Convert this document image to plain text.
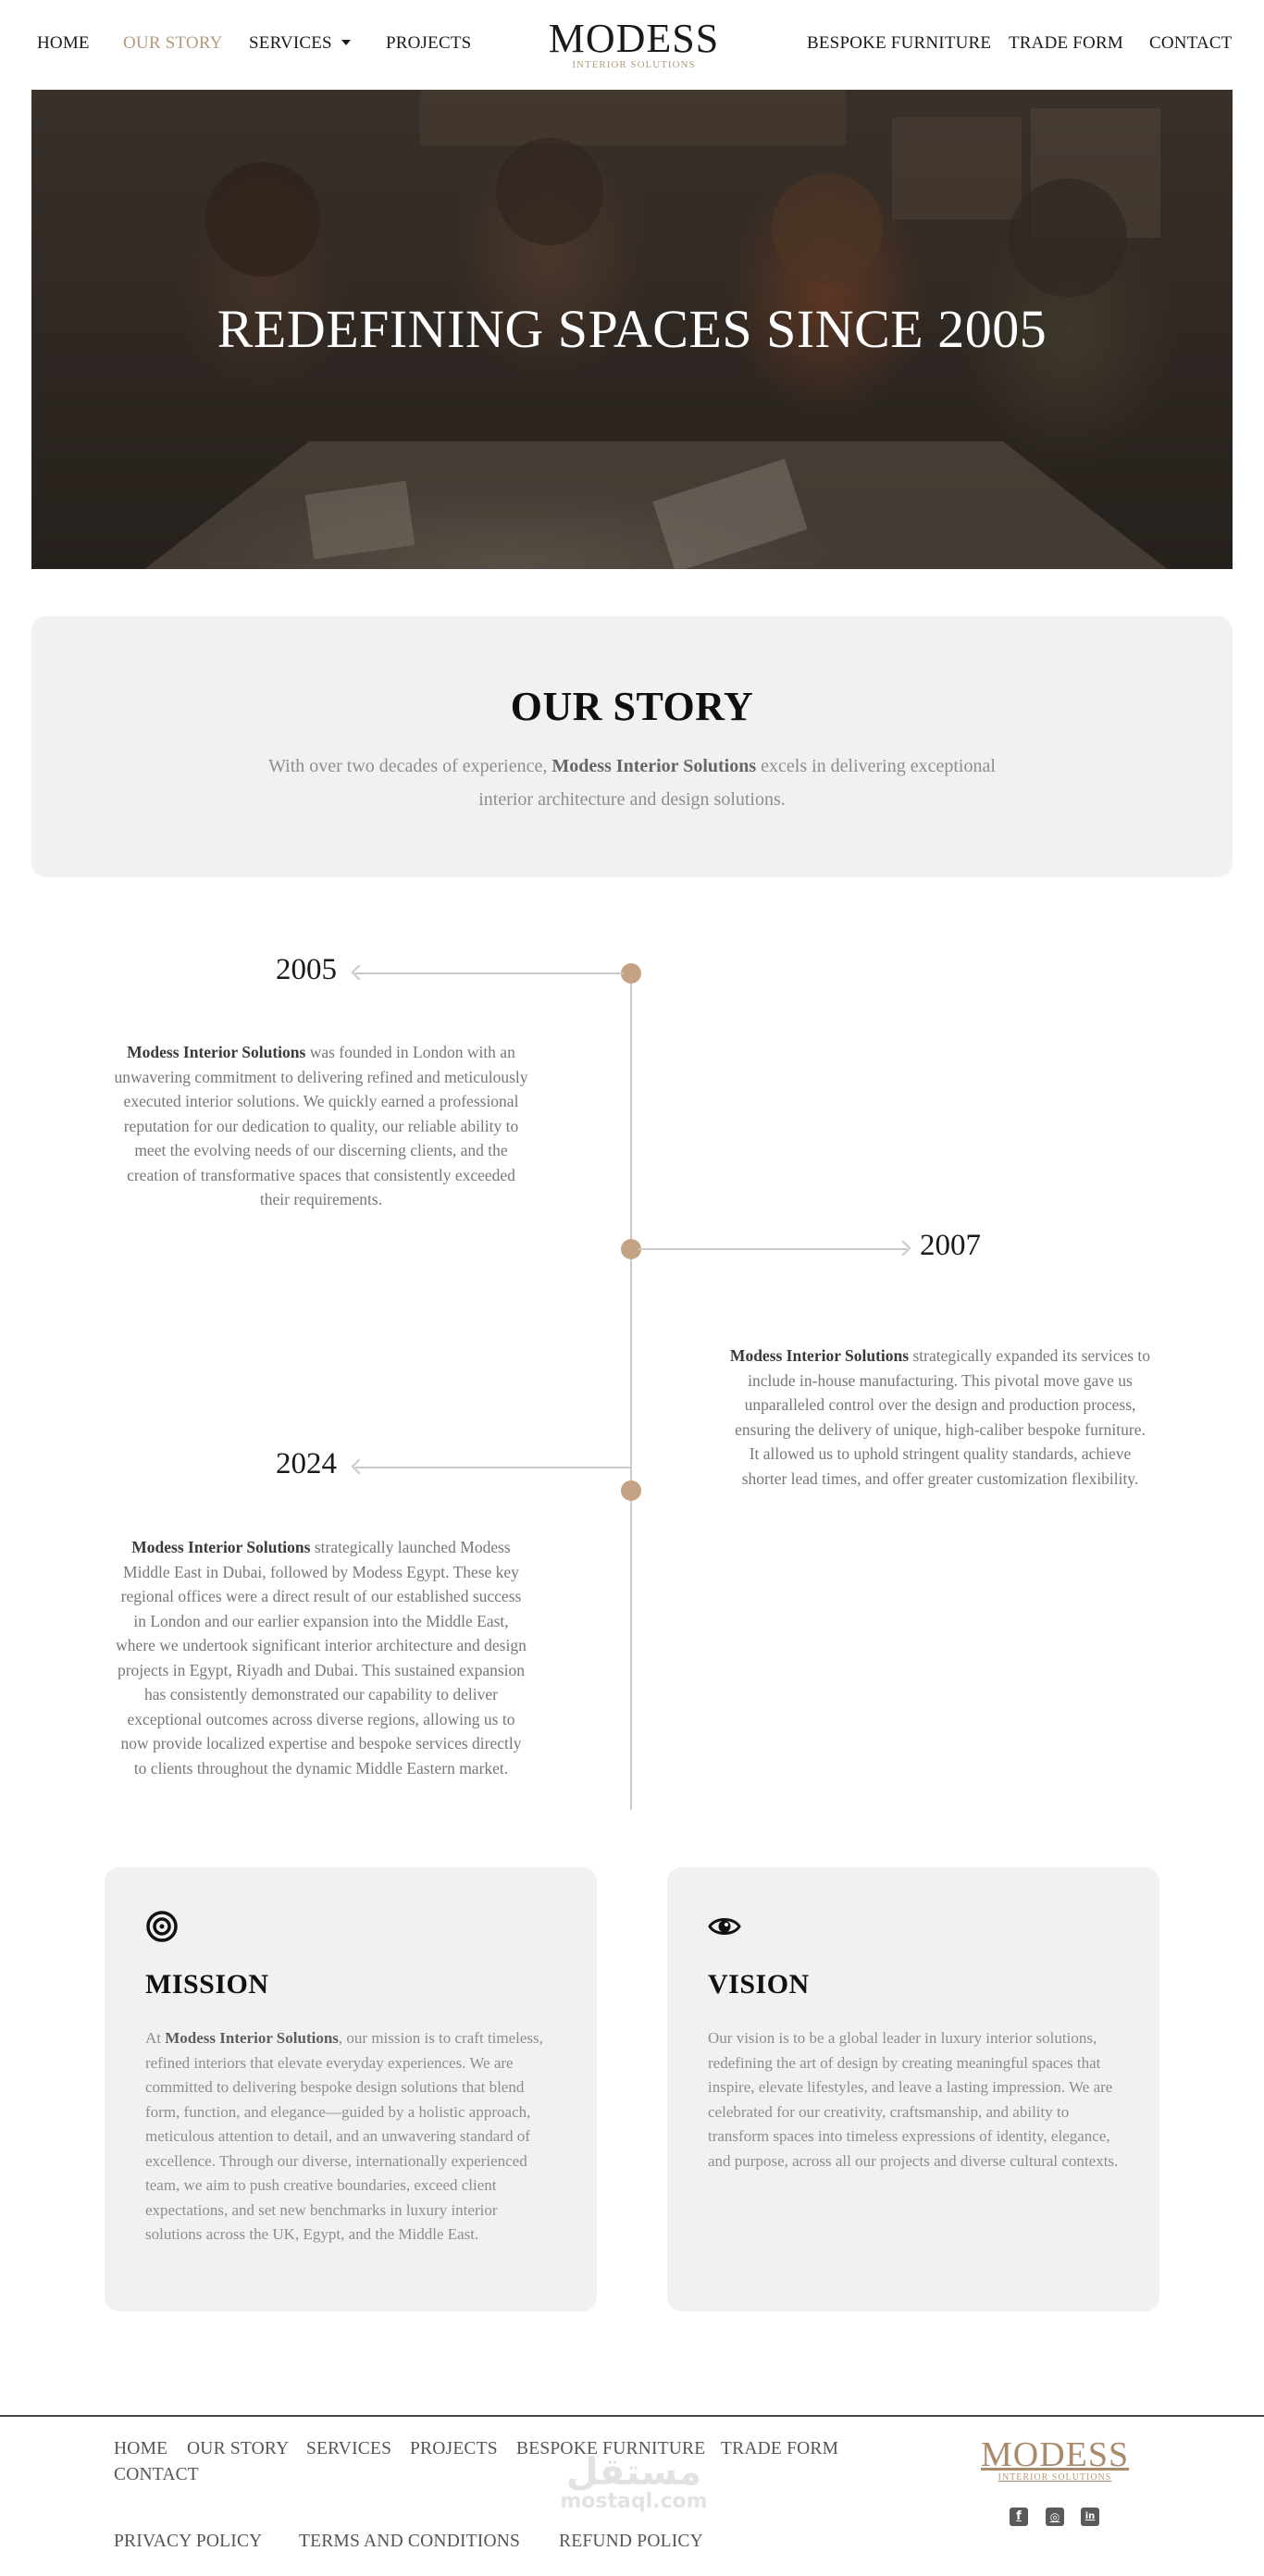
HOME OUR STORY SERVICES	PROJECTS MODESS
INTERIOR SOLUTIONS
BESPOKE FURNITURE TRADE FORM CONTACT
REDEFINING SPACES SINCE 2005
OUR STORY

With over two decades of experience, Modess Interior Solutions excels in delivering exceptional interior architecture and design solutions.

2005

Modess Interior Solutions was founded in London with an unwavering commitment to delivering refined and meticulously executed interior solutions. We quickly earned a professional reputation for our dedication to quality, our reliable ability to meet the evolving needs of our discerning clients, and the creation of transformative spaces that consistently exceeded their requirements.

2007

Modess Interior Solutions strategically expanded its services to include in-house manufacturing. This pivotal move gave us unparalleled control over the design and production process, ensuring the delivery of unique, high-caliber bespoke furniture. It allowed us to uphold stringent quality standards, achieve shorter lead times, and offer greater customization flexibility.

2024

Modess Interior Solutions strategically launched Modess Middle East in Dubai, followed by Modess Egypt. These key regional offices were a direct result of our established success in London and our earlier expansion into the Middle East, where we undertook significant interior architecture and design projects in Egypt, Riyadh and Dubai. This sustained expansion has consistently demonstrated our capability to deliver exceptional outcomes across diverse regions, allowing us to now provide localized expertise and bespoke services directly to clients throughout the dynamic Middle Eastern market.

MISSION

At Modess Interior Solutions, our mission is to craft timeless, refined interiors that elevate everyday experiences. We are committed to delivering bespoke design solutions that blend form, function, and elegance—guided by a holistic approach, meticulous attention to detail, and an unwavering standard of excellence. Through our diverse, internationally experienced team, we aim to push creative boundaries, exceed client expectations, and set new benchmarks in luxury interior solutions across the UK, Egypt, and the Middle East.

VISION

Our vision is to be a global leader in luxury interior solutions, redefining the art of design by creating meaningful spaces that inspire, elevate lifestyles, and leave a lasting impression. We are celebrated for our creativity, craftsmanship, and ability to transform spaces into timeless expressions of identity, elegance, and purpose, across all our projects and diverse cultural contexts.

HOME OUR STORY SERVICES PROJECTS BESPOKE FURNITURE TRADE FORM
CONTACT	مستقل
mostaql.com
PRIVACY POLICY TERMS AND CONDITIONS REFUND POLICY
MODESS
INTERIOR SOLUTIONS
f	◎	in
